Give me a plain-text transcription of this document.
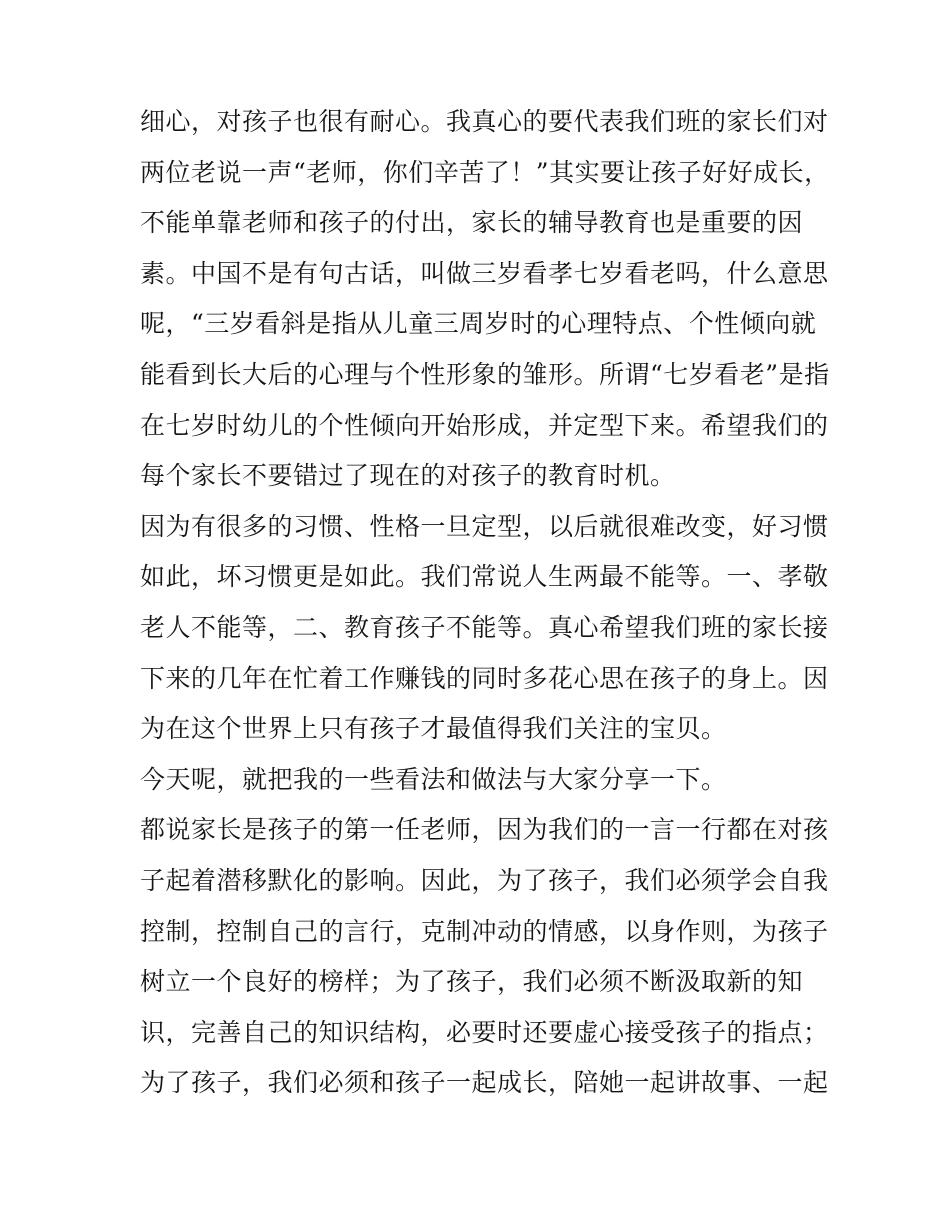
细心，对孩子也很有耐心。我真心的要代表我们班的家长们对
两位老说一声“老师，你们辛苦了！”其实要让孩子好好成长，
不能单靠老师和孩子的付出，家长的辅导教育也是重要的因
素。中国不是有句古话，叫做三岁看孝七岁看老吗，什么意思
呢，“三岁看斜是指从儿童三周岁时的心理特点、个性倾向就
能看到长大后的心理与个性形象的雏形。所谓“七岁看老”是指
在七岁时幼儿的个性倾向开始形成，并定型下来。希望我们的
每个家长不要错过了现在的对孩子的教育时机。
因为有很多的习惯、性格一旦定型，以后就很难改变，好习惯
如此，坏习惯更是如此。我们常说人生两最不能等。一、孝敬
老人不能等，二、教育孩子不能等。真心希望我们班的家长接
下来的几年在忙着工作赚钱的同时多花心思在孩子的身上。因
为在这个世界上只有孩子才最值得我们关注的宝贝。
今天呢，就把我的一些看法和做法与大家分享一下。
都说家长是孩子的第一任老师，因为我们的一言一行都在对孩
子起着潜移默化的影响。因此，为了孩子，我们必须学会自我
控制，控制自己的言行，克制冲动的情感，以身作则，为孩子
树立一个良好的榜样；为了孩子，我们必须不断汲取新的知
识，完善自己的知识结构，必要时还要虚心接受孩子的指点；
为了孩子，我们必须和孩子一起成长，陪她一起讲故事、一起
